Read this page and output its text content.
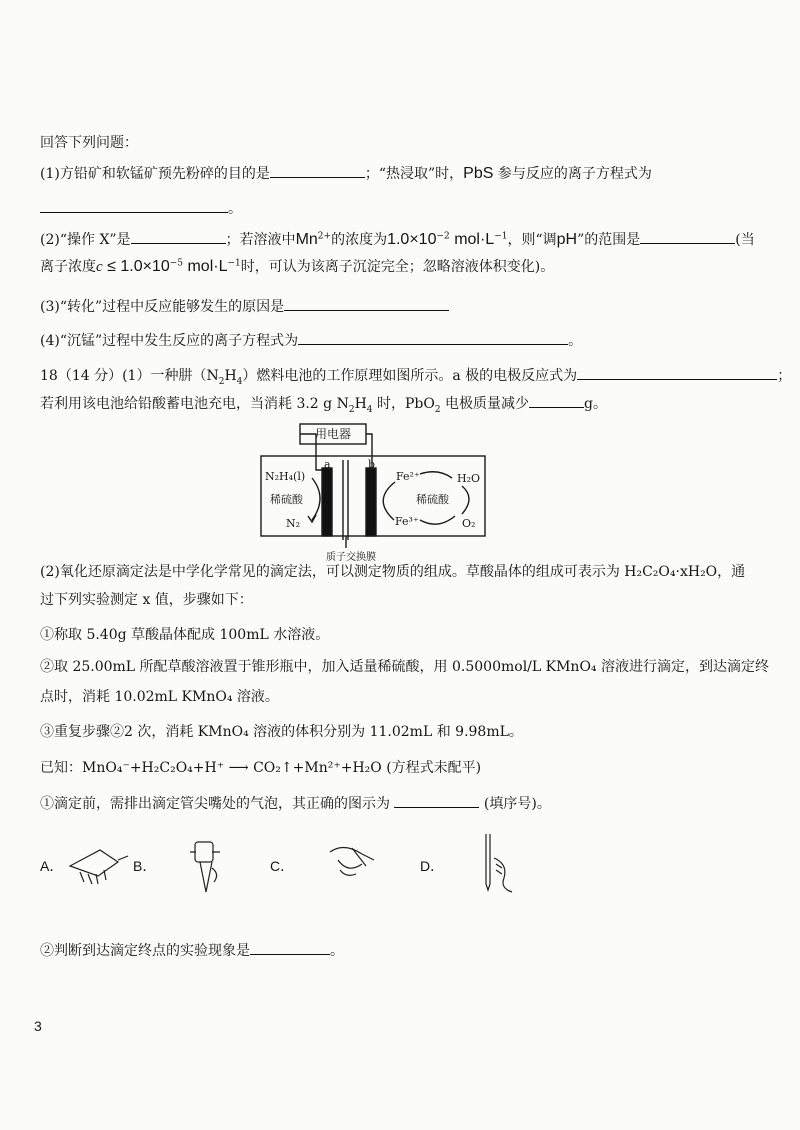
回答下列问题：
(1)方铅矿和软锰矿预先粉碎的目的是	；“热浸取”时，PbS 参与反应的离子方程式为
。
(2)“操作 X”是	；若溶液中$Mn^{2+}$的浓度为$1.0\times 10^{-2}$ $mol\cdot L^{-1}$，则“调pH”的范围是	(当
离子浓度$c \le 1.0\times 10^{-5}$ $mol\cdot L^{-1}$时，可认为该离子沉淀完全；忽略溶液体积变化)。
(3)“转化”过程中反应能够发生的原因是
(4)“沉锰”过程中发生反应的离子方程式为	。
18（14 分）(1）一种肼$(N_2H_4)$燃料电池的工作原理如图所示。a 极的电极反应式为	；
若利用该电池给铅酸蓄电池充电，当消耗 3.2 g $N_2H_4$ 时，PbO$_2$ 电极质量减少	g。
用电器
a	b
N₂H₄(l)
稀硫酸
N₂
Fe²⁺	H₂O
稀硫酸
Fe³⁺	O₂
质子交换膜
(2)氧化还原滴定法是中学化学常见的滴定法，可以测定物质的组成。草酸晶体的组成可表示为 H₂C₂O₄·xH₂O，通
过下列实验测定 x 值，步骤如下：
①称取 5.40g 草酸晶体配成 100mL 水溶液。
②取 25.00mL 所配草酸溶液置于锥形瓶中，加入适量稀硫酸，用 0.5000mol/L KMnO₄ 溶液进行滴定，到达滴定终
点时，消耗 10.02mL KMnO₄ 溶液。
③重复步骤②2 次，消耗 KMnO₄ 溶液的体积分别为 11.02mL 和 9.98mL。
已知：MnO₄⁻+H₂C₂O₄+H⁺ ⟶ CO₂↑+Mn²⁺+H₂O (方程式未配平)
①滴定前，需排出滴定管尖嘴处的气泡，其正确的图示为	(填序号)。
A．	B．	C．	D．
②判断到达滴定终点的实验现象是	。
3
